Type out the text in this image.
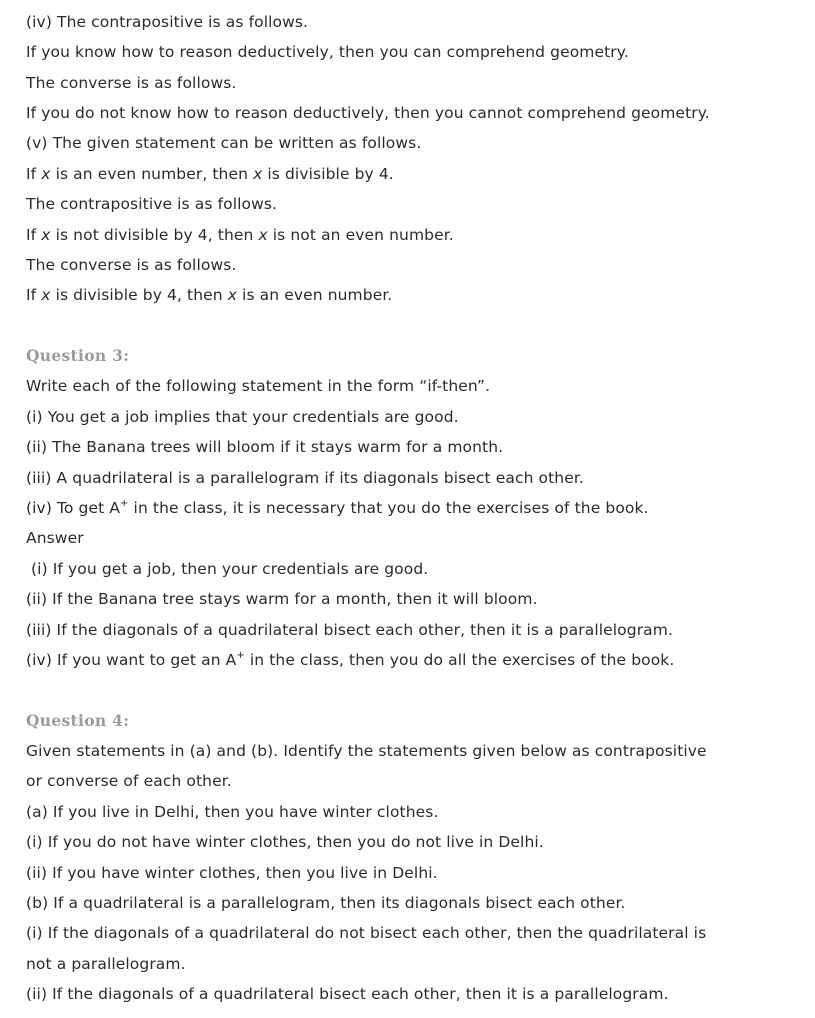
(iv) The contrapositive is as follows.
If you know how to reason deductively, then you can comprehend geometry.
The converse is as follows.
If you do not know how to reason deductively, then you cannot comprehend geometry.
(v) The given statement can be written as follows.
If x is an even number, then x is divisible by 4.
The contrapositive is as follows.
If x is not divisible by 4, then x is not an even number.
The converse is as follows.
If x is divisible by 4, then x is an even number.
Question 3:
Write each of the following statement in the form “if-then”.
(i) You get a job implies that your credentials are good.
(ii) The Banana trees will bloom if it stays warm for a month.
(iii) A quadrilateral is a parallelogram if its diagonals bisect each other.
(iv) To get A+ in the class, it is necessary that you do the exercises of the book.
Answer
(i) If you get a job, then your credentials are good.
(ii) If the Banana tree stays warm for a month, then it will bloom.
(iii) If the diagonals of a quadrilateral bisect each other, then it is a parallelogram.
(iv) If you want to get an A+ in the class, then you do all the exercises of the book.
Question 4:
Given statements in (a) and (b). Identify the statements given below as contrapositive
or converse of each other.
(a) If you live in Delhi, then you have winter clothes.
(i) If you do not have winter clothes, then you do not live in Delhi.
(ii) If you have winter clothes, then you live in Delhi.
(b) If a quadrilateral is a parallelogram, then its diagonals bisect each other.
(i) If the diagonals of a quadrilateral do not bisect each other, then the quadrilateral is
not a parallelogram.
(ii) If the diagonals of a quadrilateral bisect each other, then it is a parallelogram.
